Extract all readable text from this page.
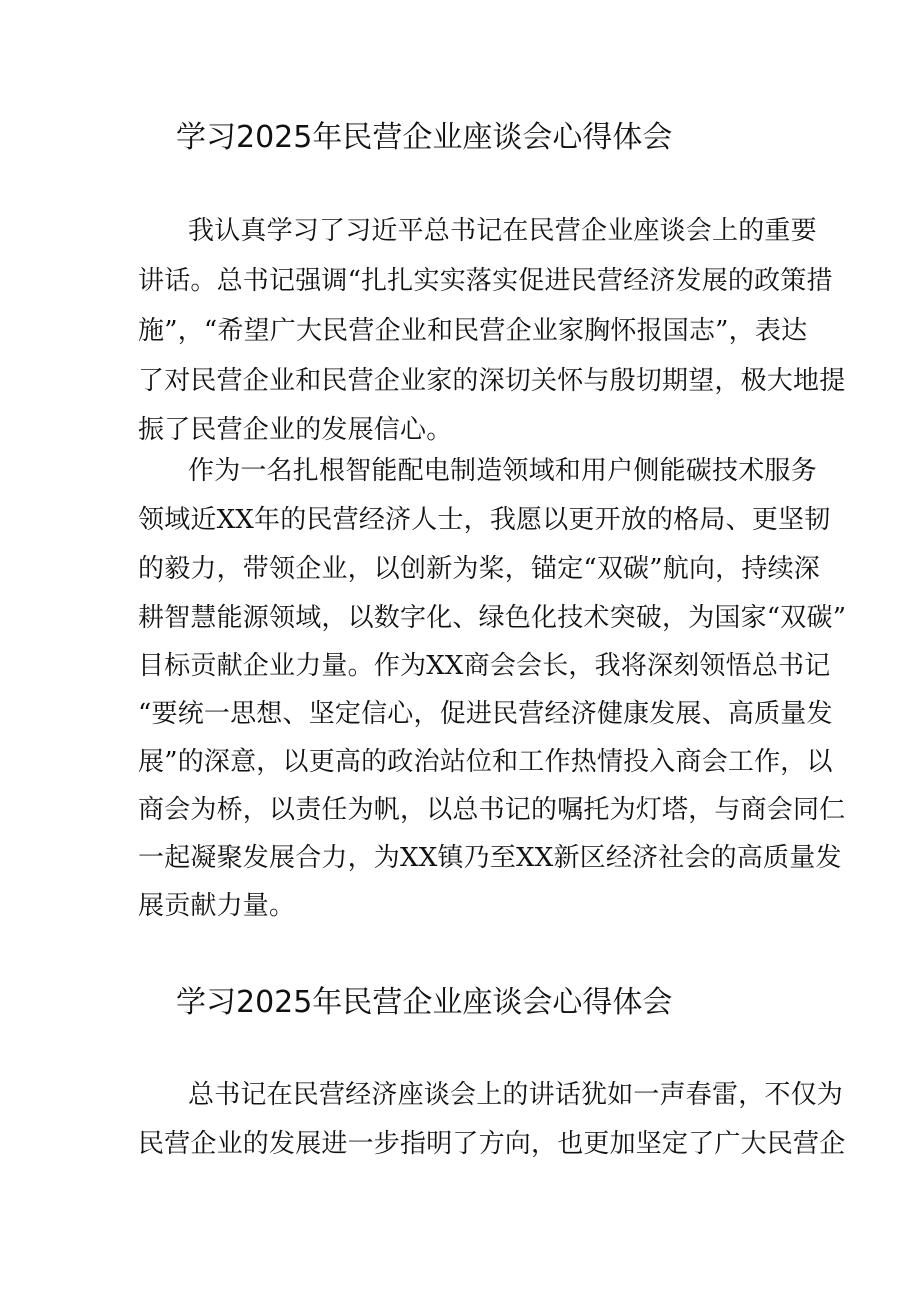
学习2025年民营企业座谈会心得体会
我认真学习了习近平总书记在民营企业座谈会上的重要
讲话。总书记强调“扎扎实实落实促进民营经济发展的政策措
施”，“希望广大民营企业和民营企业家胸怀报国志”，表达
了对民营企业和民营企业家的深切关怀与殷切期望，极大地提
振了民营企业的发展信心。
作为一名扎根智能配电制造领域和用户侧能碳技术服务
领域近XX年的民营经济人士，我愿以更开放的格局、更坚韧
的毅力，带领企业，以创新为桨，锚定“双碳”航向，持续深
耕智慧能源领域，以数字化、绿色化技术突破，为国家“双碳”
目标贡献企业力量。作为XX商会会长，我将深刻领悟总书记
“要统一思想、坚定信心，促进民营经济健康发展、高质量发
展”的深意，以更高的政治站位和工作热情投入商会工作，以
商会为桥，以责任为帆，以总书记的嘱托为灯塔，与商会同仁
一起凝聚发展合力，为XX镇乃至XX新区经济社会的高质量发
展贡献力量。
学习2025年民营企业座谈会心得体会
总书记在民营经济座谈会上的讲话犹如一声春雷，不仅为
民营企业的发展进一步指明了方向，也更加坚定了广大民营企
